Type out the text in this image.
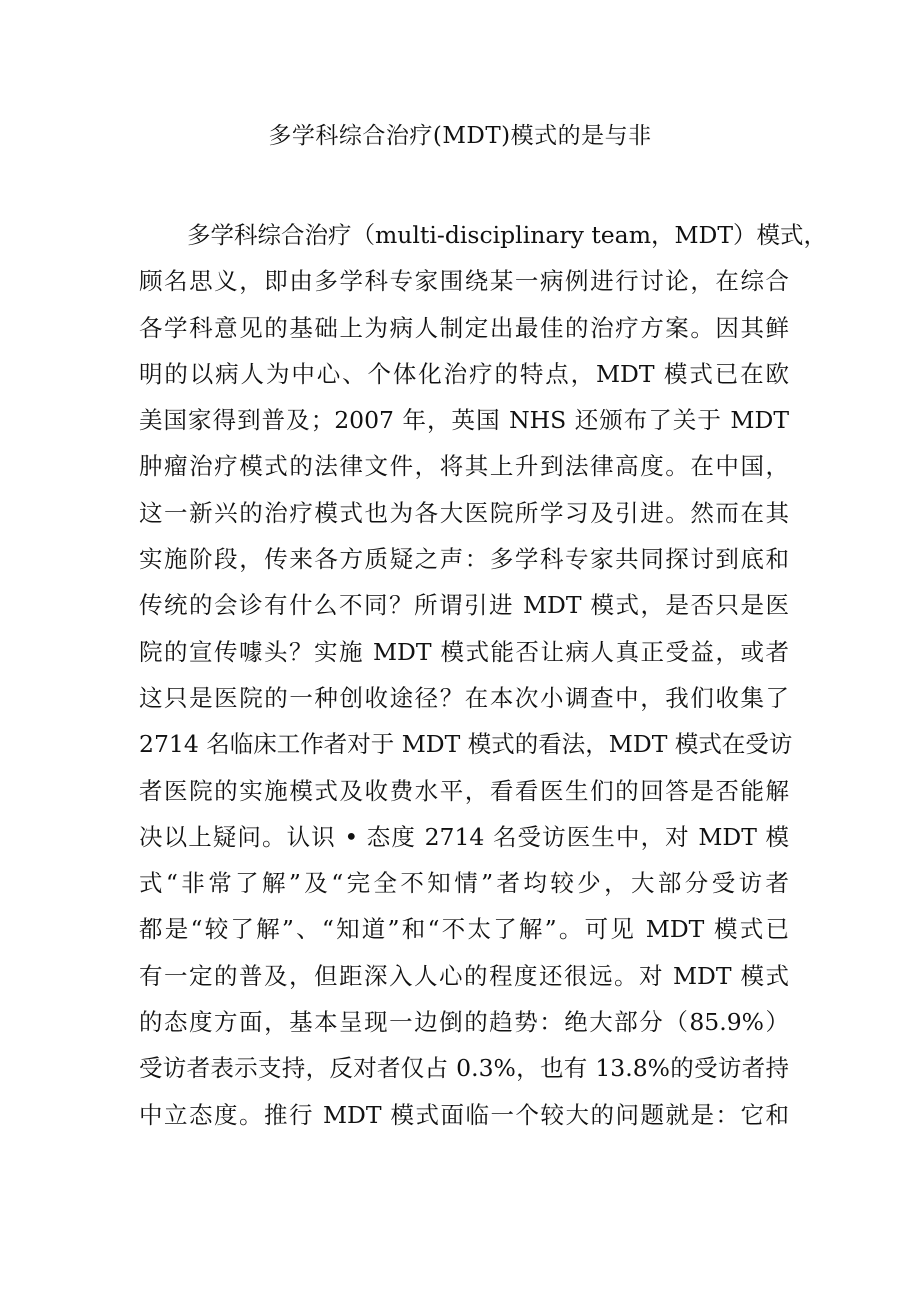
多学科综合治疗(MDT)模式的是与非
多学科综合治疗（multi-disciplinary team，MDT）模式，
顾名思义，即由多学科专家围绕某一病例进行讨论，在综合
各学科意见的基础上为病人制定出最佳的治疗方案。因其鲜
明的以病人为中心、个体化治疗的特点，MDT 模式已在欧
美国家得到普及；2007 年，英国 NHS 还颁布了关于 MDT
肿瘤治疗模式的法律文件，将其上升到法律高度。在中国，
这一新兴的治疗模式也为各大医院所学习及引进。然而在其
实施阶段，传来各方质疑之声：多学科专家共同探讨到底和
传统的会诊有什么不同？所谓引进 MDT 模式，是否只是医
院的宣传噱头？实施 MDT 模式能否让病人真正受益，或者
这只是医院的一种创收途径？在本次小调查中，我们收集了
2714 名临床工作者对于 MDT 模式的看法，MDT 模式在受访
者医院的实施模式及收费水平，看看医生们的回答是否能解
决以上疑问。认识 • 态度 2714 名受访医生中，对 MDT 模
式“非常了解”及“完全不知情”者均较少，大部分受访者
都是“较了解”、“知道”和“不太了解”。可见 MDT 模式已
有一定的普及，但距深入人心的程度还很远。对 MDT 模式
的态度方面，基本呈现一边倒的趋势：绝大部分（85.9%）
受访者表示支持，反对者仅占 0.3%，也有 13.8%的受访者持
中立态度。推行 MDT 模式面临一个较大的问题就是：它和
